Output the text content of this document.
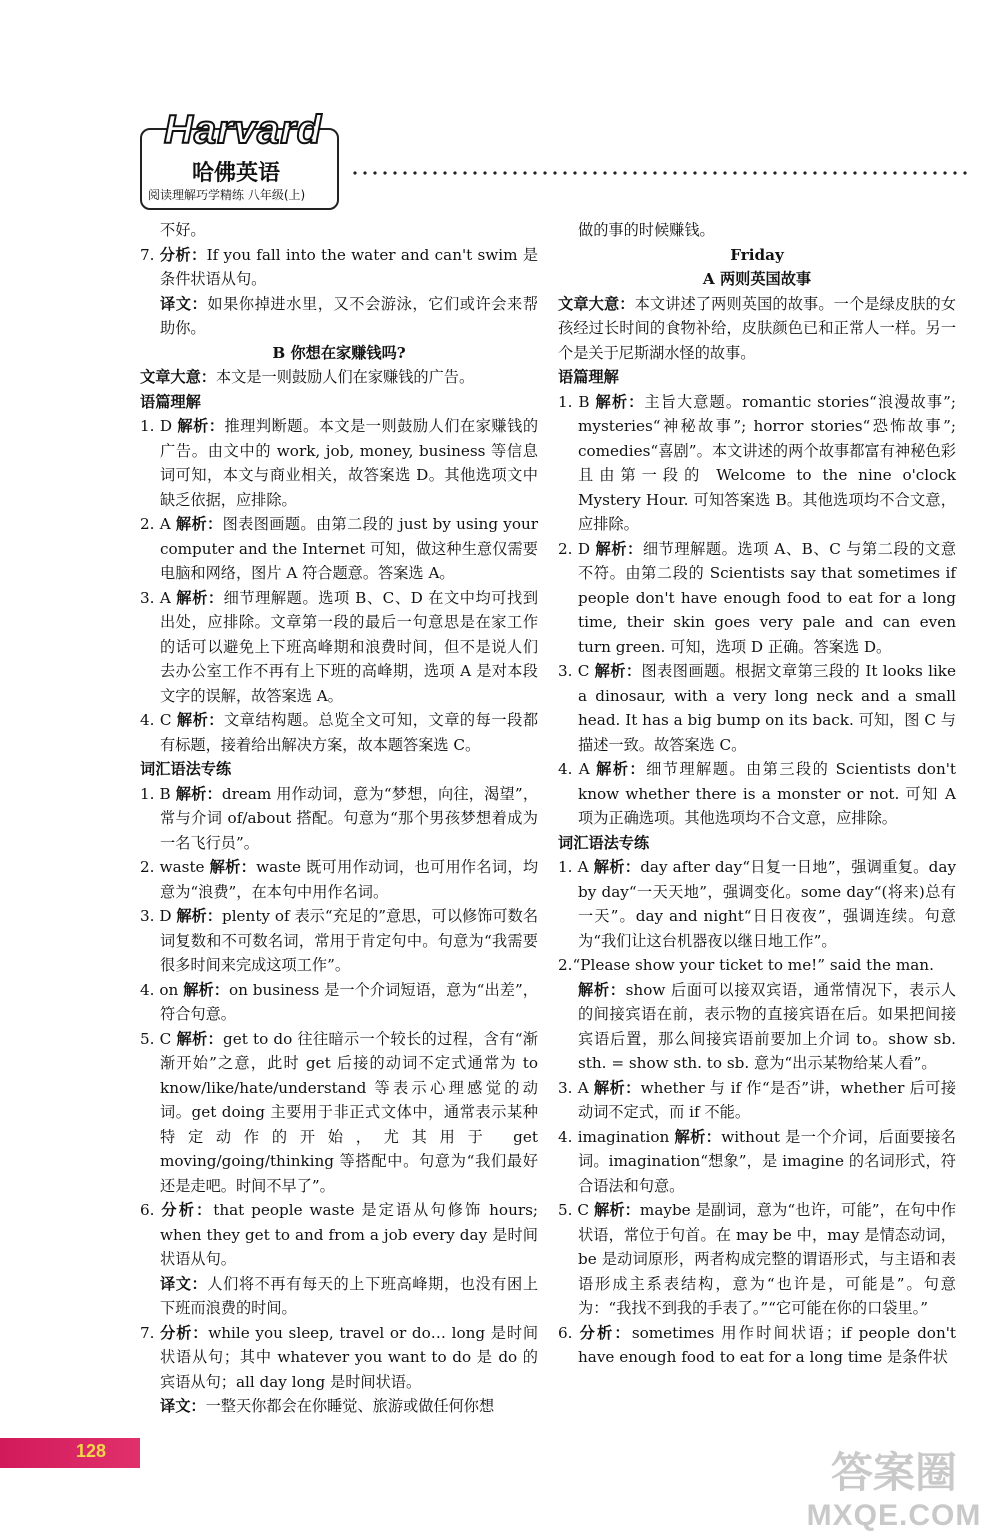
Harvard
哈佛英语
阅读理解巧学精练 八年级(上)

不好。

7. 分析：If you fall into the water and can't swim 是条件状语从句。

译文：如果你掉进水里，又不会游泳，它们或许会来帮助你。

B 你想在家赚钱吗?

文章大意：本文是一则鼓励人们在家赚钱的广告。

语篇理解

1. D 解析：推理判断题。本文是一则鼓励人们在家赚钱的广告。由文中的 work, job, money, business 等信息词可知，本文与商业相关，故答案选 D。其他选项文中缺乏依据，应排除。

2. A 解析：图表图画题。由第二段的 just by using your computer and the Internet 可知，做这种生意仅需要电脑和网络，图片 A 符合题意。答案选 A。

3. A 解析：细节理解题。选项 B、C、D 在文中均可找到出处，应排除。文章第一段的最后一句意思是在家工作的话可以避免上下班高峰期和浪费时间，但不是说人们去办公室工作不再有上下班的高峰期，选项 A 是对本段文字的误解，故答案选 A。

4. C 解析：文章结构题。总览全文可知，文章的每一段都有标题，接着给出解决方案，故本题答案选 C。

词汇语法专练

1. B 解析：dream 用作动词，意为“梦想，向往，渴望”，常与介词 of/about 搭配。句意为“那个男孩梦想着成为一名飞行员”。

2. waste 解析：waste 既可用作动词，也可用作名词，均意为“浪费”，在本句中用作名词。

3. D 解析：plenty of 表示“充足的”意思，可以修饰可数名词复数和不可数名词，常用于肯定句中。句意为“我需要很多时间来完成这项工作”。

4. on 解析：on business 是一个介词短语，意为“出差”，符合句意。

5. C 解析：get to do 往往暗示一个较长的过程，含有“渐渐开始”之意，此时 get 后接的动词不定式通常为 to know/like/hate/understand 等表示心理感觉的动词。get doing 主要用于非正式文体中，通常表示某种特定动作的开始，尤其用于 get moving/going/thinking 等搭配中。句意为“我们最好还是走吧。时间不早了”。

6. 分析：that people waste 是定语从句修饰 hours; when they get to and from a job every day 是时间状语从句。

译文：人们将不再有每天的上下班高峰期，也没有困上下班而浪费的时间。

7. 分析：while you sleep, travel or do… long 是时间状语从句；其中 whatever you want to do 是 do 的宾语从句；all day long 是时间状语。

译文：一整天你都会在你睡觉、旅游或做任何你想

做的事的时候赚钱。

Friday

A 两则英国故事

文章大意：本文讲述了两则英国的故事。一个是绿皮肤的女孩经过长时间的食物补给，皮肤颜色已和正常人一样。另一个是关于尼斯湖水怪的故事。

语篇理解

1. B 解析：主旨大意题。romantic stories“浪漫故事”; mysteries“神秘故事”; horror stories“恐怖故事”; comedies“喜剧”。本文讲述的两个故事都富有神秘色彩且由第一段的 Welcome to the nine o'clock Mystery Hour. 可知答案选 B。其他选项均不合文意，应排除。

2. D 解析：细节理解题。选项 A、B、C 与第二段的文意不符。由第二段的 Scientists say that sometimes if people don't have enough food to eat for a long time, their skin goes very pale and can even turn green. 可知，选项 D 正确。答案选 D。

3. C 解析：图表图画题。根据文章第三段的 It looks like a dinosaur, with a very long neck and a small head. It has a big bump on its back. 可知，图 C 与描述一致。故答案选 C。

4. A 解析：细节理解题。由第三段的 Scientists don't know whether there is a monster or not. 可知 A 项为正确选项。其他选项均不合文意，应排除。

词汇语法专练

1. A 解析：day after day“日复一日地”，强调重复。day by day“一天天地”，强调变化。some day“(将来)总有一天”。day and night“日日夜夜”，强调连续。句意为“我们让这台机器夜以继日地工作”。

2.“Please show your ticket to me!” said the man.

解析：show 后面可以接双宾语，通常情况下，表示人的间接宾语在前，表示物的直接宾语在后。如果把间接宾语后置，那么间接宾语前要加上介词 to。show sb. sth. = show sth. to sb. 意为“出示某物给某人看”。

3. A 解析：whether 与 if 作“是否”讲，whether 后可接动词不定式，而 if 不能。

4. imagination 解析：without 是一个介词，后面要接名词。imagination“想象”，是 imagine 的名词形式，符合语法和句意。

5. C 解析：maybe 是副词，意为“也许，可能”，在句中作状语，常位于句首。在 may be 中，may 是情态动词，be 是动词原形，两者构成完整的谓语形式，与主语和表语形成主系表结构，意为“也许是，可能是”。句意为：“我找不到我的手表了。”“它可能在你的口袋里。”

6. 分析：sometimes 用作时间状语；if people don't have enough food to eat for a long time 是条件状

128	答案圈
MXQE.COM
